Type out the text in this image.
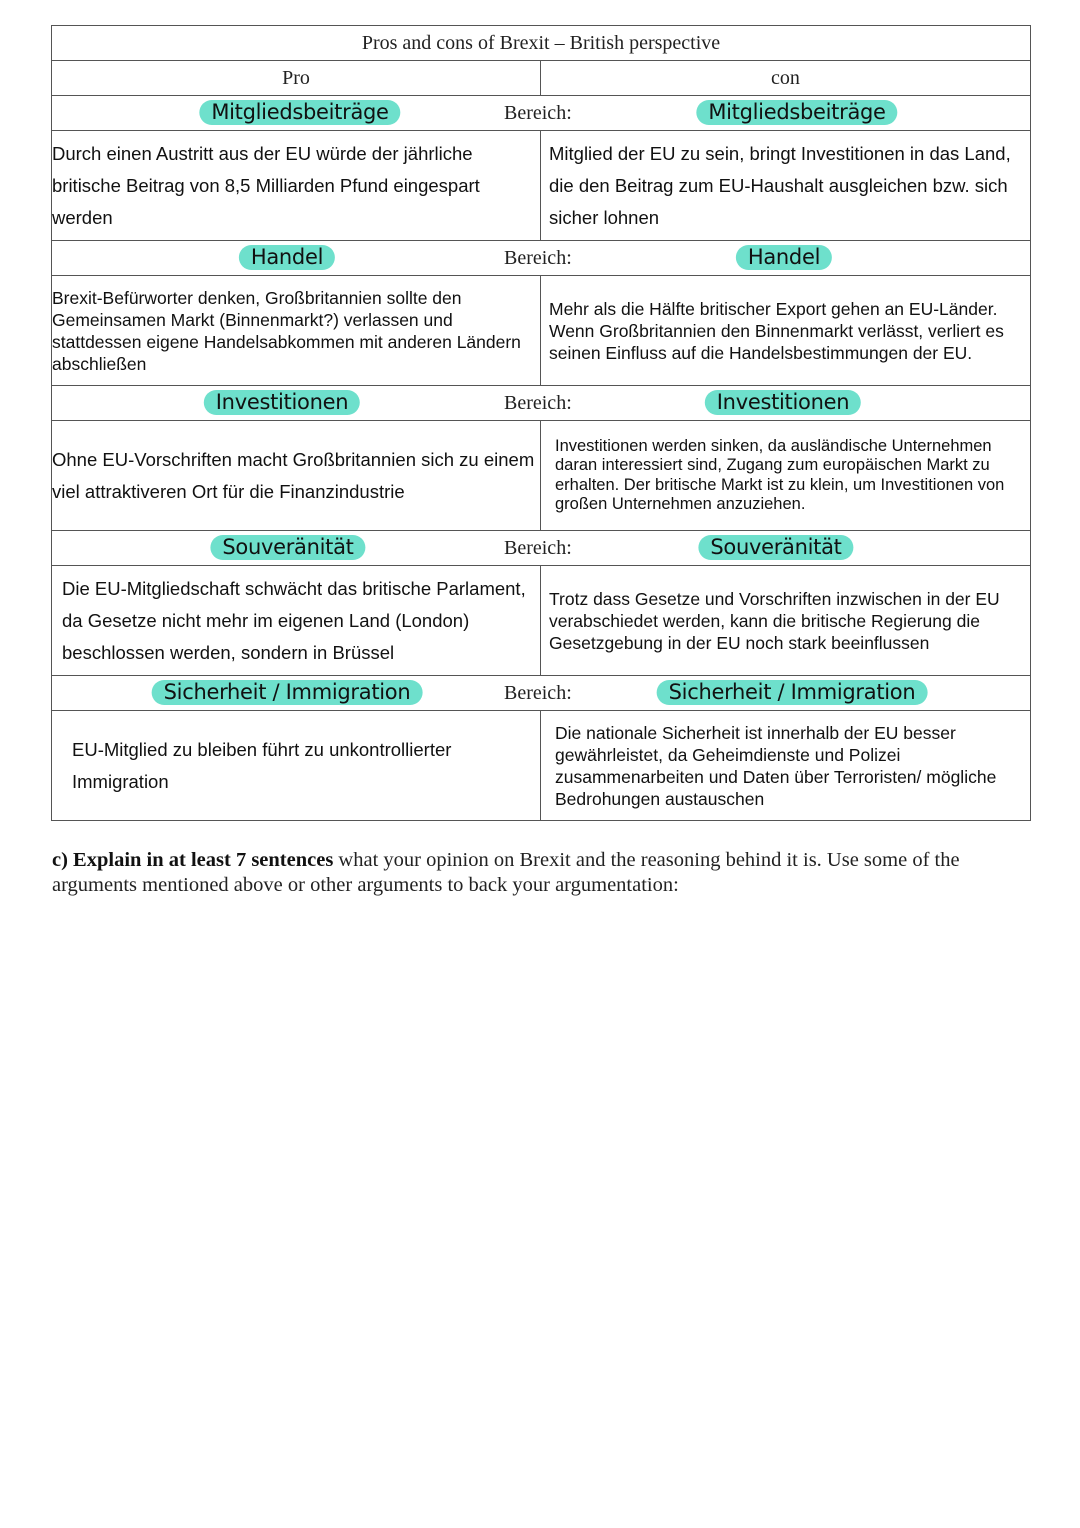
Pros and cons of Brexit – British perspective	
Pro	con

Mitgliedsbeiträge Bereich: Mitgliedsbeiträge	

Durch einen Austritt aus der EU würde der jährliche britische Beitrag von 8,5 Milliarden Pfund eingespart werden	Mitglied der EU zu sein, bringt Investitionen in das Land, die den Beitrag zum EU-Haushalt ausgleichen bzw. sich sicher lohnen

Handel Bereich: Handel	

Brexit-Befürworter denken, Großbritannien sollte den Gemeinsamen Markt (Binnenmarkt?) verlassen und stattdessen eigene Handelsabkommen mit anderen Ländern abschließen	Mehr als die Hälfte britischer Export gehen an EU-Länder. Wenn Großbritannien den Binnenmarkt verlässt, verliert es seinen Einfluss auf die Handelsbestimmungen der EU.

Investitionen Bereich: Investitionen	

Ohne EU-Vorschriften macht Großbritannien sich zu einem viel attraktiveren Ort für die Finanzindustrie	Investitionen werden sinken, da ausländische Unternehmen daran interessiert sind, Zugang zum europäischen Markt zu erhalten. Der britische Markt ist zu klein, um Investitionen von großen Unternehmen anzuziehen.

Souveränität Bereich: Souveränität	

Die EU-Mitgliedschaft schwächt das britische Parlament, da Gesetze nicht mehr im eigenen Land (London) beschlossen werden, sondern in Brüssel	Trotz dass Gesetze und Vorschriften inzwischen in der EU verabschiedet werden, kann die britische Regierung die Gesetzgebung in der EU noch stark beeinflussen

Sicherheit / Immigration Bereich: Sicherheit / Immigration	

EU-Mitglied zu bleiben führt zu unkontrollierter Immigration	Die nationale Sicherheit ist innerhalb der EU besser gewährleistet, da Geheimdienste und Polizei zusammenarbeiten und Daten über Terroristen/ mögliche Bedrohungen austauschen
c) Explain in at least 7 sentences what your opinion on Brexit and the reasoning behind it is. Use some of the arguments mentioned above or other arguments to back your argumentation:
